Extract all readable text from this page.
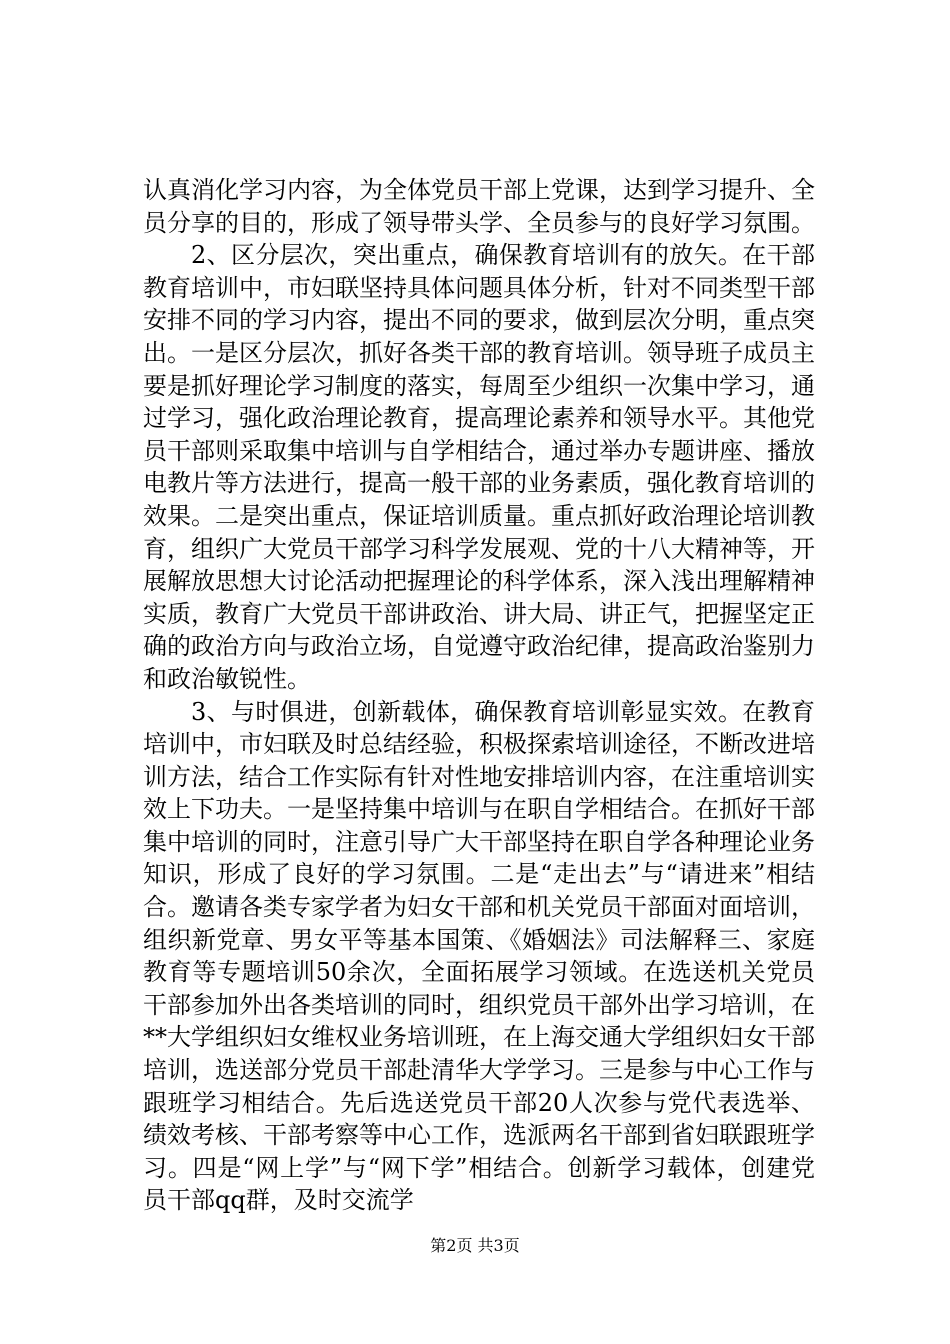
认真消化学习内容，为全体党员干部上党课，达到学习提升、全员分享的目的，形成了领导带头学、全员参与的良好学习氛围。

2、区分层次，突出重点，确保教育培训有的放矢。在干部教育培训中，市妇联坚持具体问题具体分析，针对不同类型干部安排不同的学习内容，提出不同的要求，做到层次分明，重点突出。一是区分层次，抓好各类干部的教育培训。领导班子成员主要是抓好理论学习制度的落实，每周至少组织一次集中学习，通过学习，强化政治理论教育，提高理论素养和领导水平。其他党员干部则采取集中培训与自学相结合，通过举办专题讲座、播放电教片等方法进行，提高一般干部的业务素质，强化教育培训的效果。二是突出重点，保证培训质量。重点抓好政治理论培训教育，组织广大党员干部学习科学发展观、党的十八大精神等，开展解放思想大讨论活动把握理论的科学体系，深入浅出理解精神实质，教育广大党员干部讲政治、讲大局、讲正气，把握坚定正确的政治方向与政治立场，自觉遵守政治纪律，提高政治鉴别力和政治敏锐性。

3、与时俱进，创新载体，确保教育培训彰显实效。在教育培训中，市妇联及时总结经验，积极探索培训途径，不断改进培训方法，结合工作实际有针对性地安排培训内容，在注重培训实效上下功夫。一是坚持集中培训与在职自学相结合。在抓好干部集中培训的同时，注意引导广大干部坚持在职自学各种理论业务知识，形成了良好的学习氛围。二是“走出去”与“请进来”相结合。邀请各类专家学者为妇女干部和机关党员干部面对面培训，组织新党章、男女平等基本国策、《婚姻法》司法解释三、家庭教育等专题培训50余次，全面拓展学习领域。在选送机关党员干部参加外出各类培训的同时，组织党员干部外出学习培训，在**大学组织妇女维权业务培训班，在上海交通大学组织妇女干部培训，选送部分党员干部赴清华大学学习。三是参与中心工作与跟班学习相结合。先后选送党员干部20人次参与党代表选举、绩效考核、干部考察等中心工作，选派两名干部到省妇联跟班学习。四是“网上学”与“网下学”相结合。创新学习载体，创建党员干部qq群，及时交流学

第2页 共3页
